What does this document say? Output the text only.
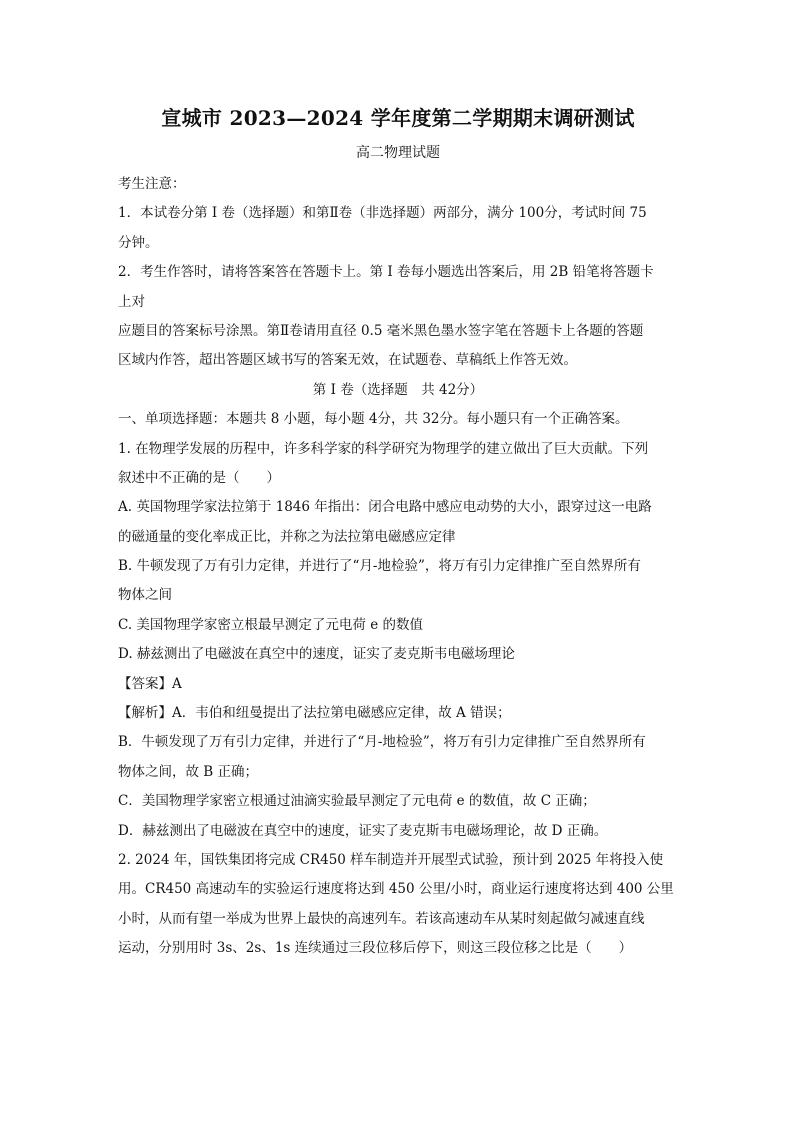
宣城市 2023—2024 学年度第二学期期末调研测试
高二物理试题
考生注意：
1．本试卷分第 I 卷（选择题）和第Ⅱ卷（非选择题）两部分，满分 100分，考试时间 75
分钟。
2．考生作答时，请将答案答在答题卡上。第 I 卷每小题选出答案后，用 2B 铅笔将答题卡
上对
应题目的答案标号涂黑。第Ⅱ卷请用直径 0.5 毫米黑色墨水签字笔在答题卡上各题的答题
区域内作答，超出答题区域书写的答案无效，在试题卷、草稿纸上作答无效。
第 I 卷（选择题　共 42分）
一、单项选择题：本题共 8 小题，每小题 4分，共 32分。每小题只有一个正确答案。
1. 在物理学发展的历程中，许多科学家的科学研究为物理学的建立做出了巨大贡献。下列
叙述中不正确的是（　　）
A. 英国物理学家法拉第于 1846 年指出：闭合电路中感应电动势的大小，跟穿过这一电路
的磁通量的变化率成正比，并称之为法拉第电磁感应定律
B. 牛顿发现了万有引力定律，并进行了“月-地检验”，将万有引力定律推广至自然界所有
物体之间
C. 美国物理学家密立根最早测定了元电荷 e 的数值
D. 赫兹测出了电磁波在真空中的速度，证实了麦克斯韦电磁场理论
【答案】A
【解析】A．韦伯和纽曼提出了法拉第电磁感应定律，故 A 错误；
B．牛顿发现了万有引力定律，并进行了“月-地检验”，将万有引力定律推广至自然界所有
物体之间，故 B 正确；
C．美国物理学家密立根通过油滴实验最早测定了元电荷 e 的数值，故 C 正确；
D．赫兹测出了电磁波在真空中的速度，证实了麦克斯韦电磁场理论，故 D 正确。
2. 2024 年，国铁集团将完成 CR450 样车制造并开展型式试验，预计到 2025 年将投入使
用。CR450 高速动车的实验运行速度将达到 450 公里/小时，商业运行速度将达到 400 公里
小时，从而有望一举成为世界上最快的高速列车。若该高速动车从某时刻起做匀减速直线
运动，分别用时 3s、2s、1s 连续通过三段位移后停下，则这三段位移之比是（　　）
